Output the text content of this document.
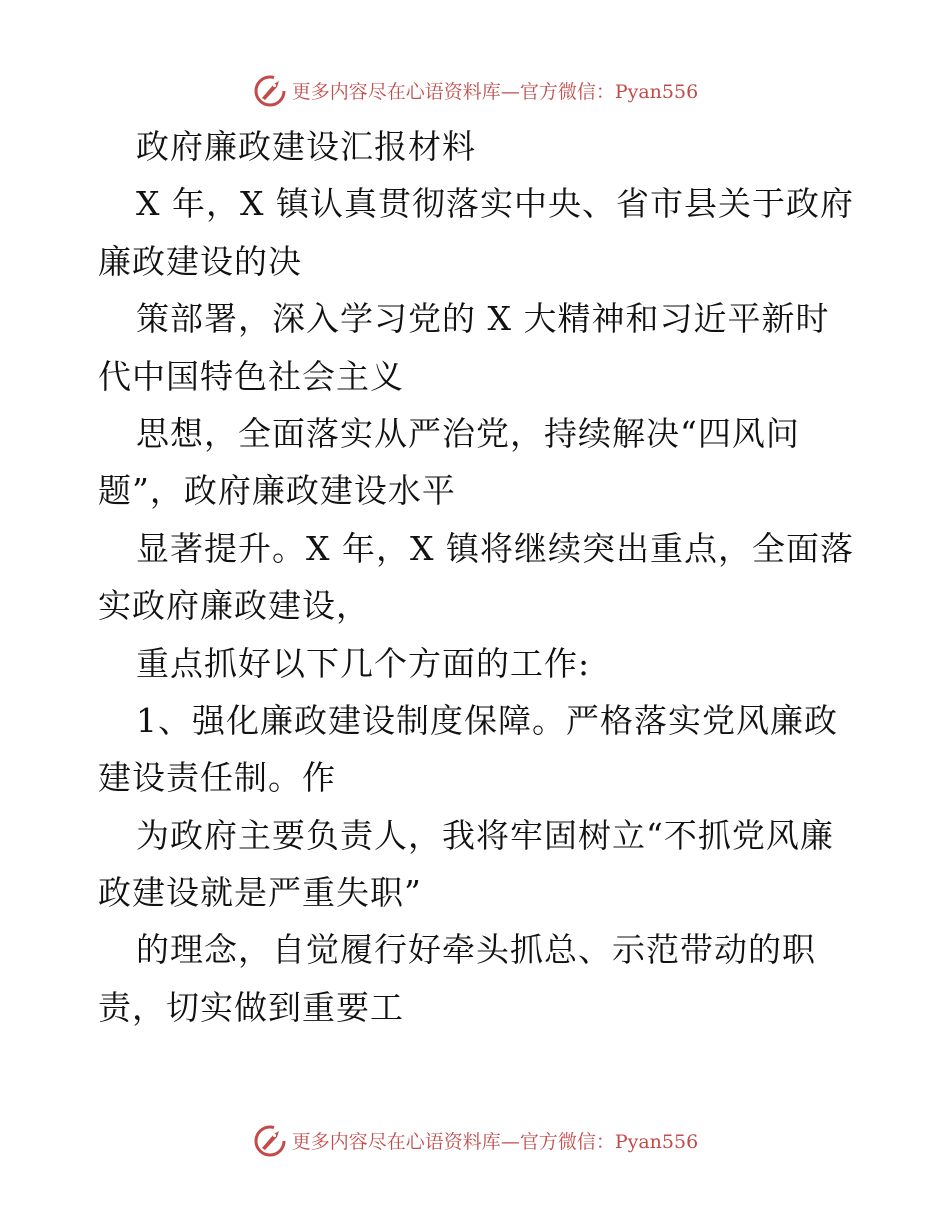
更多内容尽在心语资料库—官方微信：Pyan556
政府廉政建设汇报材料
X 年，X 镇认真贯彻落实中央、省市县关于政府
廉政建设的决
策部署，深入学习党的 X 大精神和习近平新时
代中国特色社会主义
思想，全面落实从严治党，持续解决“四风问
题”，政府廉政建设水平
显著提升。X 年，X 镇将继续突出重点，全面落
实政府廉政建设，
重点抓好以下几个方面的工作:
1、强化廉政建设制度保障。严格落实党风廉政
建设责任制。作
为政府主要负责人，我将牢固树立“不抓党风廉
政建设就是严重失职”
的理念，自觉履行好牵头抓总、示范带动的职
责，切实做到重要工
更多内容尽在心语资料库—官方微信：Pyan556
